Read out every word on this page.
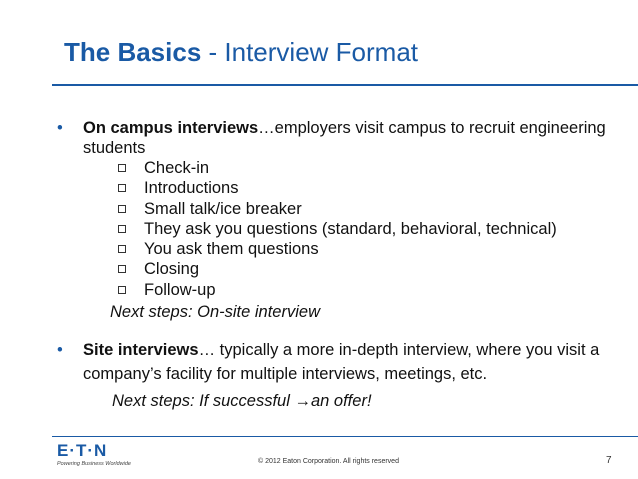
The Basics - Interview Format
• On campus interviews…employers visit campus to recruit engineering students
Check-in
Introductions
Small talk/ice breaker
They ask you questions (standard, behavioral, technical)
You ask them questions
Closing
Follow-up
Next steps: On-site interview
• Site interviews… typically a more in-depth interview, where you visit a company’s facility for multiple interviews, meetings, etc.
Next steps: If successful →an offer!
E·T·N
Powering Business Worldwide	© 2012 Eaton Corporation. All rights reserved	7
